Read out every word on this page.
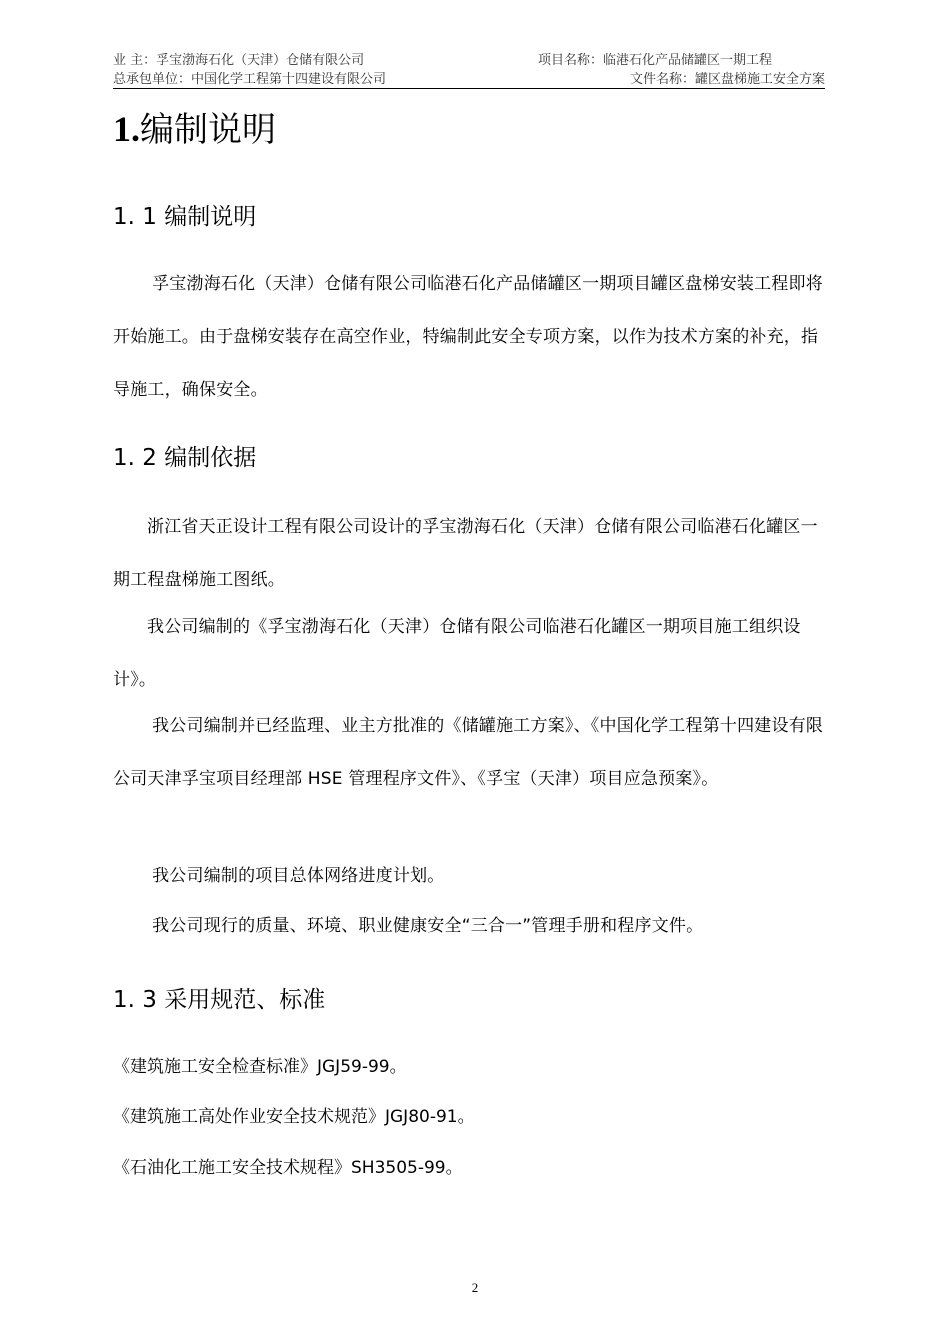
业 主：孚宝渤海石化（天津）仓储有限公司	项目名称：临港石化产品储罐区一期工程
总承包单位：中国化学工程第十四建设有限公司	文件名称：罐区盘梯施工安全方案
1.编制说明
1. 1 编制说明
孚宝渤海石化（天津）仓储有限公司临港石化产品储罐区一期项目罐区盘梯安装工程即将开始施工。由于盘梯安装存在高空作业，特编制此安全专项方案，以作为技术方案的补充，指导施工，确保安全。
1. 2 编制依据
浙江省天正设计工程有限公司设计的孚宝渤海石化（天津）仓储有限公司临港石化罐区一期工程盘梯施工图纸。
我公司编制的《孚宝渤海石化（天津）仓储有限公司临港石化罐区一期项目施工组织设计》。
我公司编制并已经监理、业主方批准的《储罐施工方案》、《中国化学工程第十四建设有限公司天津孚宝项目经理部 HSE 管理程序文件》、《孚宝（天津）项目应急预案》。
我公司编制的项目总体网络进度计划。
我公司现行的质量、环境、职业健康安全“三合一”管理手册和程序文件。
1. 3 采用规范、标准
《建筑施工安全检查标准》JGJ59-99。
《建筑施工高处作业安全技术规范》JGJ80-91。
《石油化工施工安全技术规程》SH3505-99。
2
